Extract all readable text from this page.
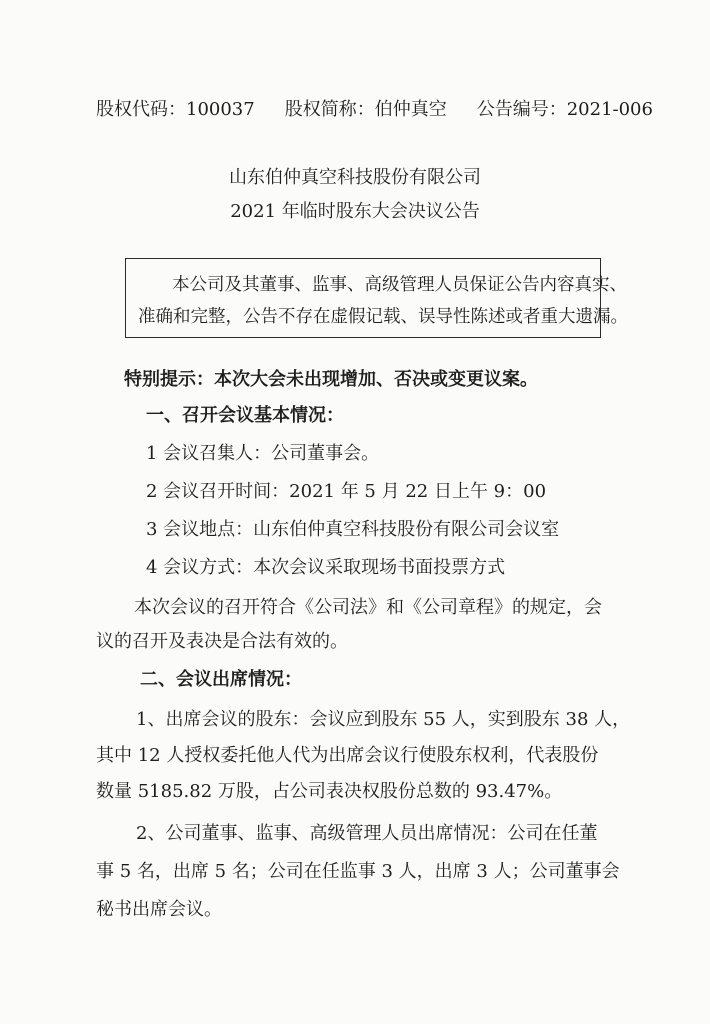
股权代码：100037 股权简称：伯仲真空 公告编号：2021-006
山东伯仲真空科技股份有限公司
2021 年临时股东大会决议公告
本公司及其董事、监事、高级管理人员保证公告内容真实、
准确和完整，公告不存在虚假记载、误导性陈述或者重大遗漏。
特别提示：本次大会未出现增加、否决或变更议案。
一、召开会议基本情况：
1 会议召集人：公司董事会。
2 会议召开时间：2021 年 5 月 22 日上午 9：00
3 会议地点：山东伯仲真空科技股份有限公司会议室
4 会议方式：本次会议采取现场书面投票方式
本次会议的召开符合《公司法》和《公司章程》的规定，会
议的召开及表决是合法有效的。
二、会议出席情况：
1、出席会议的股东：会议应到股东 55 人，实到股东 38 人，
其中 12 人授权委托他人代为出席会议行使股东权利，代表股份
数量 5185.82 万股，占公司表决权股份总数的 93.47%。
2、公司董事、监事、高级管理人员出席情况：公司在任董
事 5 名，出席 5 名；公司在任监事 3 人，出席 3 人；公司董事会
秘书出席会议。
